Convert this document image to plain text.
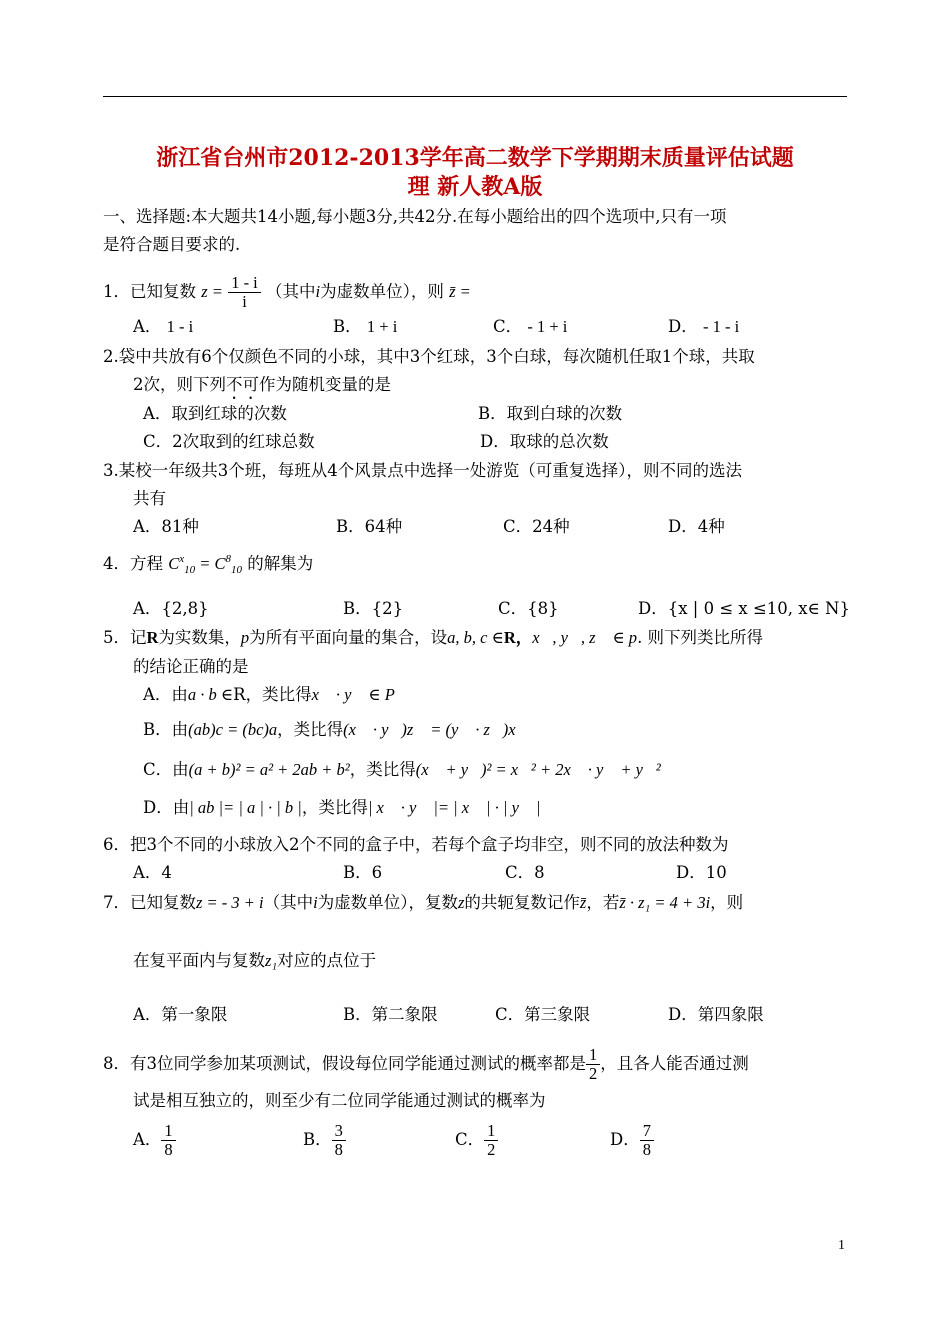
浙江省台州市2012-2013学年高二数学下学期期末质量评估试题
理 新人教A版
一、选择题:本大题共14小题,每小题3分,共42分.在每小题给出的四个选项中,只有一项
是符合题目要求的.
1．已知复数 $z = \frac{1 - i}{i}$ （其中i为虚数单位），则 z̄ =
A． 1 - i	B． 1 + i	C． - 1 + i	D． - 1 - i
2.袋中共放有6个仅颜色不同的小球，其中3个红球，3个白球，每次随机任取1个球，共取
2次，则下列不可作为随机变量的是
A．取到红球的次数	B．取到白球的次数
C．2次取到的红球总数	D．取球的总次数
3.某校一年级共3个班，每班从4个风景点中选择一处游览（可重复选择），则不同的选法
共有
A．81种	B．64种	C．24种	D．4种
4．方程 $C^x_{10} = C^8_{10}$ 的解集为
A．{2,8}	B．{2}	C．{8}	D．{x | 0 ≤ x ≤10, x∈ N}
5．记R为实数集，p为所有平面向量的集合，设a, b, c ∈R，x⃗, y⃗, z⃗ ∈ p. 则下列类比所得
的结论正确的是
A．由a · b ∈R，类比得x⃗ · y⃗ ∈ P
B．由(ab)c = (bc)a，类比得(x⃗ · y⃗)z⃗ = (y⃗ · z⃗)x⃗
C．由(a + b)² = a² + 2ab + b²，类比得(x⃗ + y⃗)² = x⃗² + 2x⃗ · y⃗ + y⃗²
D．由| ab |= | a | · | b |，类比得| x⃗ · y⃗ |= | x⃗ | · | y⃗ |
6．把3个不同的小球放入2个不同的盒子中，若每个盒子均非空，则不同的放法种数为
A．4	B．6	C．8	D．10
7．已知复数z = - 3 + i（其中i为虚数单位），复数z的共轭复数记作z̄，若z̄ · z₁ = 4 + 3i，则
在复平面内与复数z₁对应的点位于
A．第一象限	B．第二象限	C．第三象限	D．第四象限
8．有3位同学参加某项测试，假设每位同学能通过测试的概率都是 $\frac{1}{2}$ ，且各人能否通过测
试是相互独立的，则至少有二位同学能通过测试的概率为
A． $\frac{1}{8}$	B． $\frac{3}{8}$	C． $\frac{1}{2}$	D． $\frac{7}{8}$
1
